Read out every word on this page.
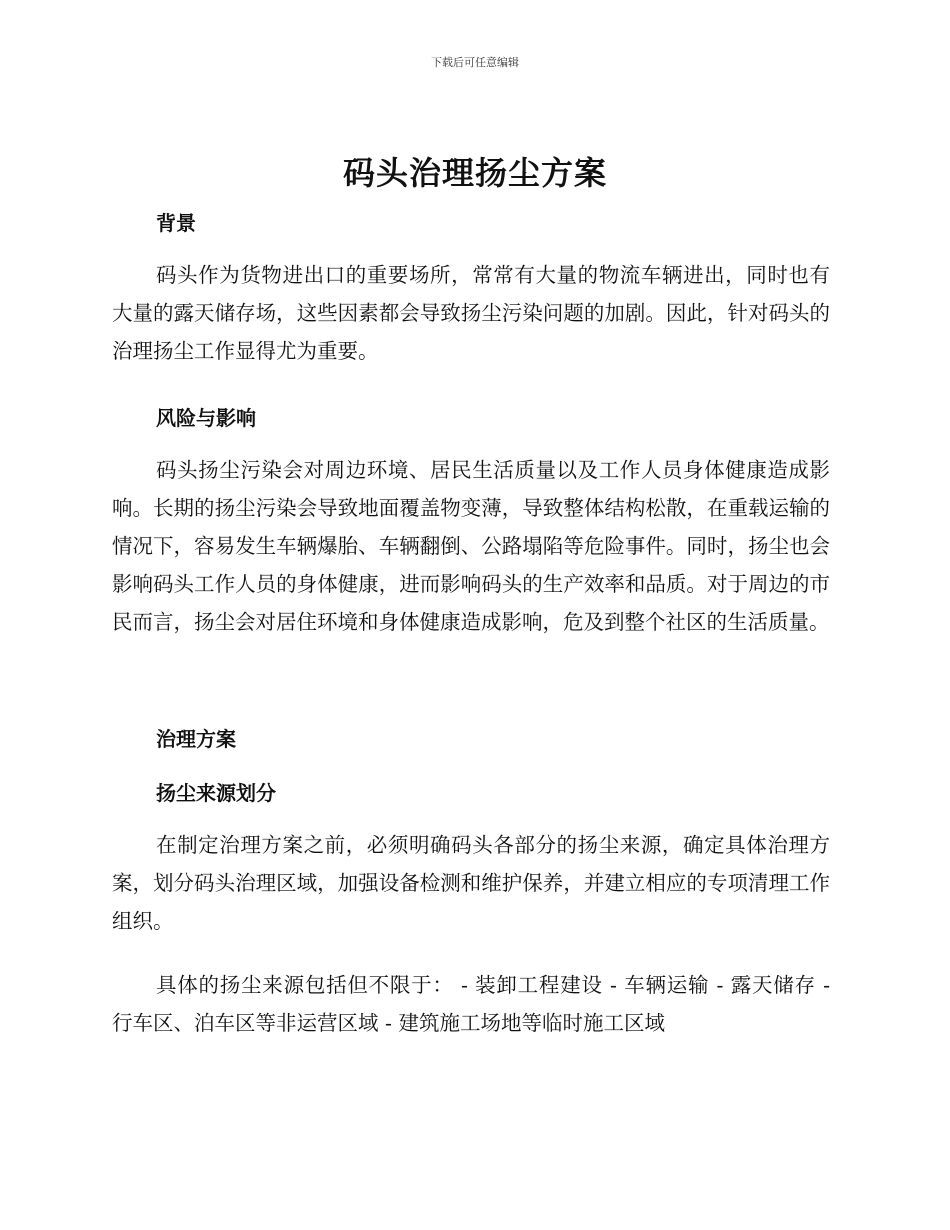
下载后可任意编辑
码头治理扬尘方案
背景

码头作为货物进出口的重要场所，常常有大量的物流车辆进出，同时也有大量的露天储存场，这些因素都会导致扬尘污染问题的加剧。因此，针对码头的治理扬尘工作显得尤为重要。

风险与影响

码头扬尘污染会对周边环境、居民生活质量以及工作人员身体健康造成影响。长期的扬尘污染会导致地面覆盖物变薄，导致整体结构松散，在重载运输的情况下，容易发生车辆爆胎、车辆翻倒、公路塌陷等危险事件。同时，扬尘也会影响码头工作人员的身体健康，进而影响码头的生产效率和品质。对于周边的市民而言，扬尘会对居住环境和身体健康造成影响，危及到整个社区的生活质量。

治理方案
扬尘来源划分

在制定治理方案之前，必须明确码头各部分的扬尘来源，确定具体治理方案，划分码头治理区域，加强设备检测和维护保养，并建立相应的专项清理工作组织。

具体的扬尘来源包括但不限于： - 装卸工程建设 - 车辆运输 - 露天储存 - 行车区、泊车区等非运营区域 - 建筑施工场地等临时施工区域
